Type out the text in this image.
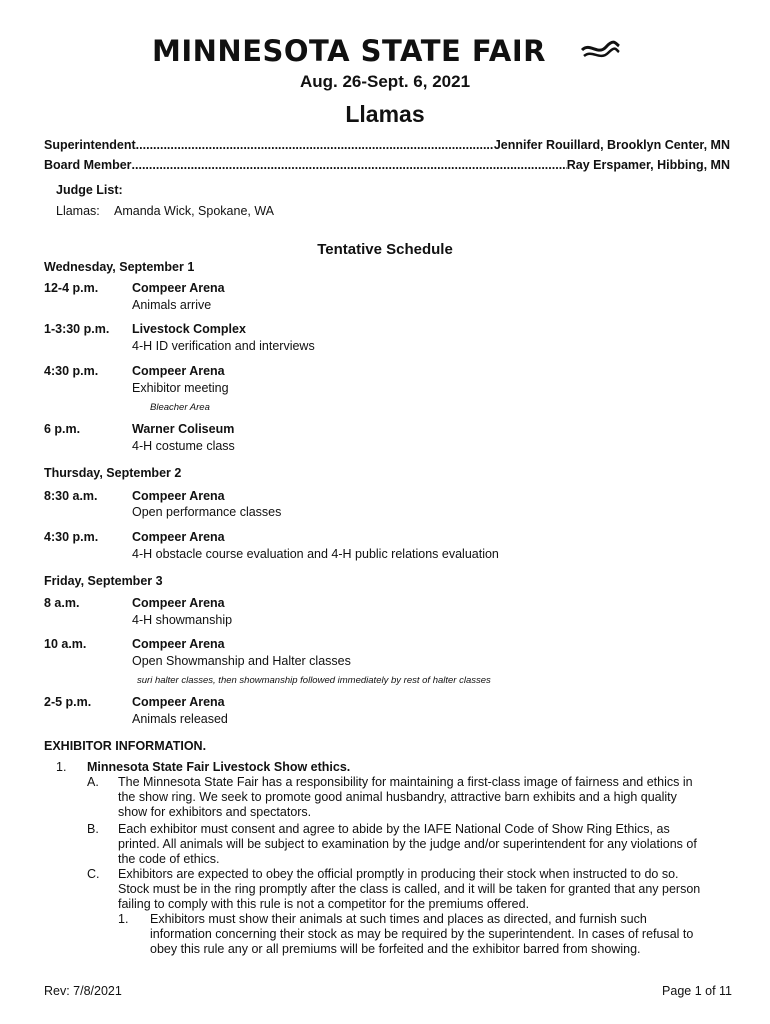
MINNESOTA STATE FAIR
Aug. 26-Sept. 6, 2021
Llamas
Superintendent .....	Jennifer Rouillard, Brooklyn Center, MN
Board Member .....	Ray Erspamer, Hibbing, MN
Judge List:
Llamas: Amanda Wick, Spokane, WA
Tentative Schedule
Wednesday, September 1
12-4 p.m.	Compeer Arena
Animals arrive
1-3:30 p.m. Livestock Complex
4-H ID verification and interviews
4:30 p.m.	Compeer Arena
Exhibitor meeting
Bleacher Area
6 p.m.	Warner Coliseum
4-H costume class
Thursday, September 2
8:30 a.m.	Compeer Arena
Open performance classes
4:30 p.m.	Compeer Arena
4-H obstacle course evaluation and 4-H public relations evaluation
Friday, September 3
8 a.m.	Compeer Arena
4-H showmanship
10 a.m.	Compeer Arena
Open Showmanship and Halter classes
suri halter classes, then showmanship followed immediately by rest of halter classes
2-5 p.m.	Compeer Arena
Animals released
EXHIBITOR INFORMATION.
1. Minnesota State Fair Livestock Show ethics.
A. The Minnesota State Fair has a responsibility for maintaining a first-class image of fairness and ethics in the show ring. We seek to promote good animal husbandry, attractive barn exhibits and a high quality show for exhibitors and spectators.
B. Each exhibitor must consent and agree to abide by the IAFE National Code of Show Ring Ethics, as printed. All animals will be subject to examination by the judge and/or superintendent for any violations of the code of ethics.
C. Exhibitors are expected to obey the official promptly in producing their stock when instructed to do so. Stock must be in the ring promptly after the class is called, and it will be taken for granted that any person failing to comply with this rule is not a competitor for the premiums offered.
1. Exhibitors must show their animals at such times and places as directed, and furnish such information concerning their stock as may be required by the superintendent. In cases of refusal to obey this rule any or all premiums will be forfeited and the exhibitor barred from showing.
Rev: 7/8/2021	Page 1 of 11
